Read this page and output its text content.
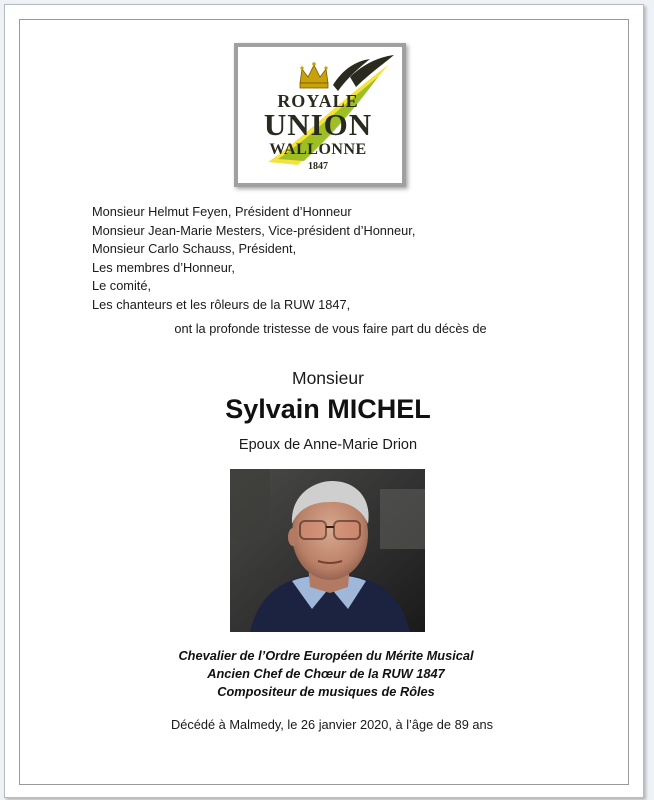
ROYALE
UNION
WALLONNE
1847
Monsieur Helmut Feyen, Président d’Honneur
Monsieur Jean-Marie Mesters, Vice-président d’Honneur,
Monsieur Carlo Schauss, Président,
Les membres d’Honneur,
Le comité,
Les chanteurs et les rôleurs de la RUW 1847,
ont la profonde tristesse de vous faire part du décès de
Monsieur
Sylvain MICHEL
Epoux de Anne-Marie Drion
Chevalier de l’Ordre Européen du Mérite Musical
Ancien Chef de Chœur de la RUW 1847
Compositeur de musiques de Rôles
Décédé à Malmedy, le 26 janvier 2020, à l’âge de 89 ans
